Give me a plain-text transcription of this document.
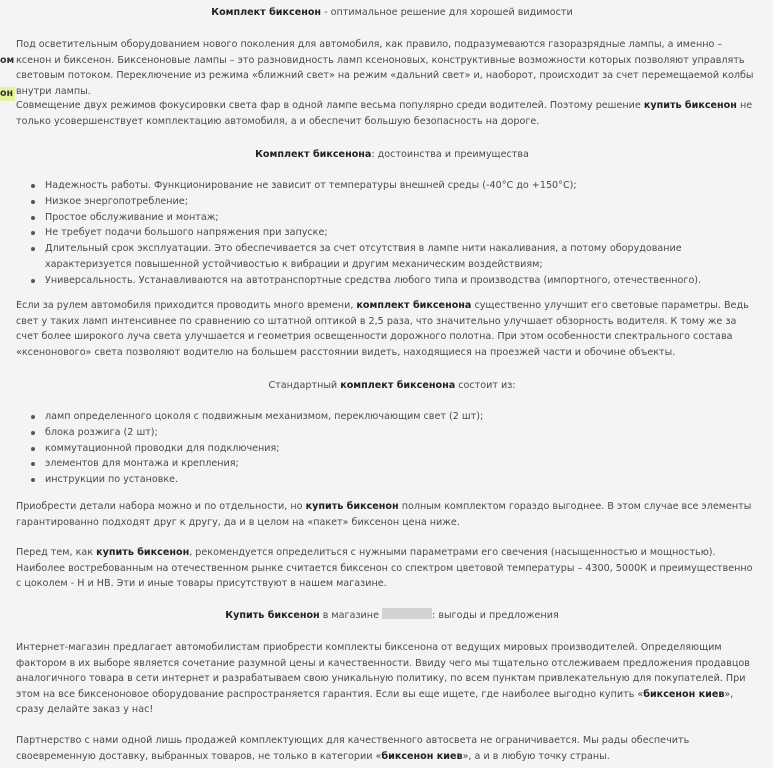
ом
он

Комплект биксенон - оптимальное решение для хорошей видимости

Под осветительным оборудованием нового поколения для автомобиля, как правило, подразумеваются газоразрядные лампы, а именно – ксенон и биксенон. Биксеноновые лампы – это разновидность ламп ксеноновых, конструктивные возможности которых позволяют управлять световым потоком. Переключение из режима «ближний свет» на режим «дальний свет» и, наоборот, происходит за счет перемещаемой колбы внутри лампы.

Совмещение двух режимов фокусировки света фар в одной лампе весьма популярно среди водителей. Поэтому решение купить биксенон не только усовершенствует комплектацию автомобиля, а и обеспечит большую безопасность на дороге.

Комплект биксенона: достоинства и преимущества

Надежность работы. Функционирование не зависит от температуры внешней среды (-40°C до +150°C);
Низкое энергопотребление;
Простое обслуживание и монтаж;
Не требует подачи большого напряжения при запуске;
Длительный срок эксплуатации. Это обеспечивается за счет отсутствия в лампе нити накаливания, а потому оборудование характеризуется повышенной устойчивостью к вибрации и другим механическим воздействиям;
Универсальность. Устанавливаются на автотранспортные средства любого типа и производства (импортного, отечественного).

Если за рулем автомобиля приходится проводить много времени, комплект биксенона существенно улучшит его световые параметры. Ведь свет у таких ламп интенсивнее по сравнению со штатной оптикой в 2,5 раза, что значительно улучшает обзорность водителя. К тому же за счет более широкого луча света улучшается и геометрия освещенности дорожного полотна. При этом особенности спектрального состава «ксенонового» света позволяют водителю на большем расстоянии видеть, находящиеся на проезжей части и обочине объекты.

Стандартный комплект биксенона состоит из:

ламп определенного цоколя с подвижным механизмом, переключающим свет (2 шт);
блока розжига (2 шт);
коммутационной проводки для подключения;
элементов для монтажа и крепления;
инструкции по установке.

Приобрести детали набора можно и по отдельности, но купить биксенон полным комплектом гораздо выгоднее. В этом случае все элементы гарантированно подходят друг к другу, да и в целом на «пакет» биксенон цена ниже.

Перед тем, как купить биксенон, рекомендуется определиться с нужными параметрами его свечения (насыщенностью и мощностью). Наиболее востребованным на отечественном рынке считается биксенон со спектром цветовой температуры – 4300, 5000К и преимущественно с цоколем - H и HB. Эти и иные товары присутствуют в нашем магазине.

Купить биксенон в магазине	: выгоды и предложения

Интернет-магазин предлагает автомобилистам приобрести комплекты биксенона от ведущих мировых производителей. Определяющим фактором в их выборе является сочетание разумной цены и качественности. Ввиду чего мы тщательно отслеживаем предложения продавцов аналогичного товара в сети интернет и разрабатываем свою уникальную политику, по всем пунктам привлекательную для покупателей. При этом на все биксеноновое оборудование распространяется гарантия. Если вы еще ищете, где наиболее выгодно купить «биксенон киев», сразу делайте заказ у нас!

Партнерство с нами одной лишь продажей комплектующих для качественного автосвета не ограничивается. Мы рады обеспечить своевременную доставку, выбранных товаров, не только в категории «биксенон киев», а и в любую точку страны.
